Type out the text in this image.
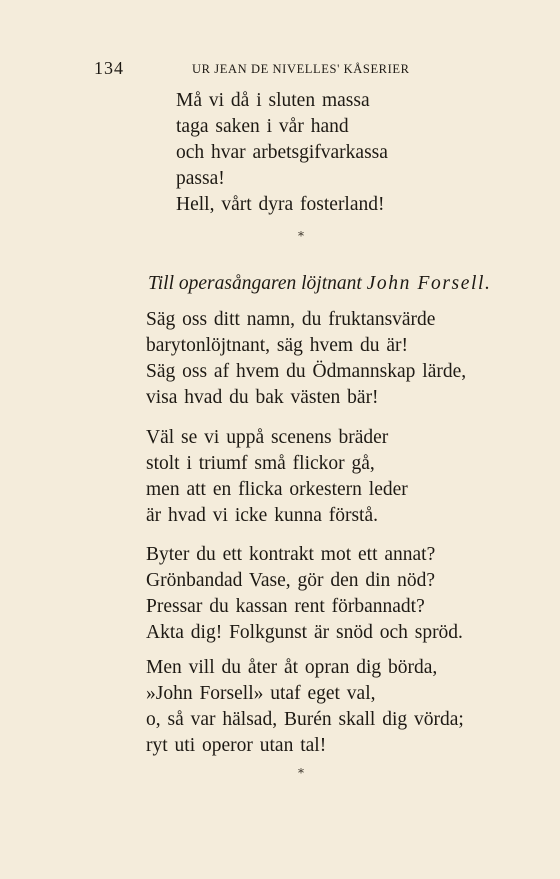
134	UR JEAN DE NIVELLES' KÅSERIER
Må vi då i sluten massa
taga saken i vår hand
och hvar arbetsgifvarkassa
passa!
Hell, vårt dyra fosterland!
*
Till operasångaren löjtnant John Forsell.
Säg oss ditt namn, du fruktansvärde
barytonlöjtnant, säg hvem du är!
Säg oss af hvem du Ödmannskap lärde,
visa hvad du bak västen bär!
Väl se vi uppå scenens bräder
stolt i triumf små flickor gå,
men att en flicka orkestern leder
är hvad vi icke kunna förstå.
Byter du ett kontrakt mot ett annat?
Grönbandad Vase, gör den din nöd?
Pressar du kassan rent förbannadt?
Akta dig! Folkgunst är snöd och spröd.
Men vill du åter åt opran dig börda,
»John Forsell» utaf eget val,
o, så var hälsad, Burén skall dig vörda;
ryt uti operor utan tal!
*
